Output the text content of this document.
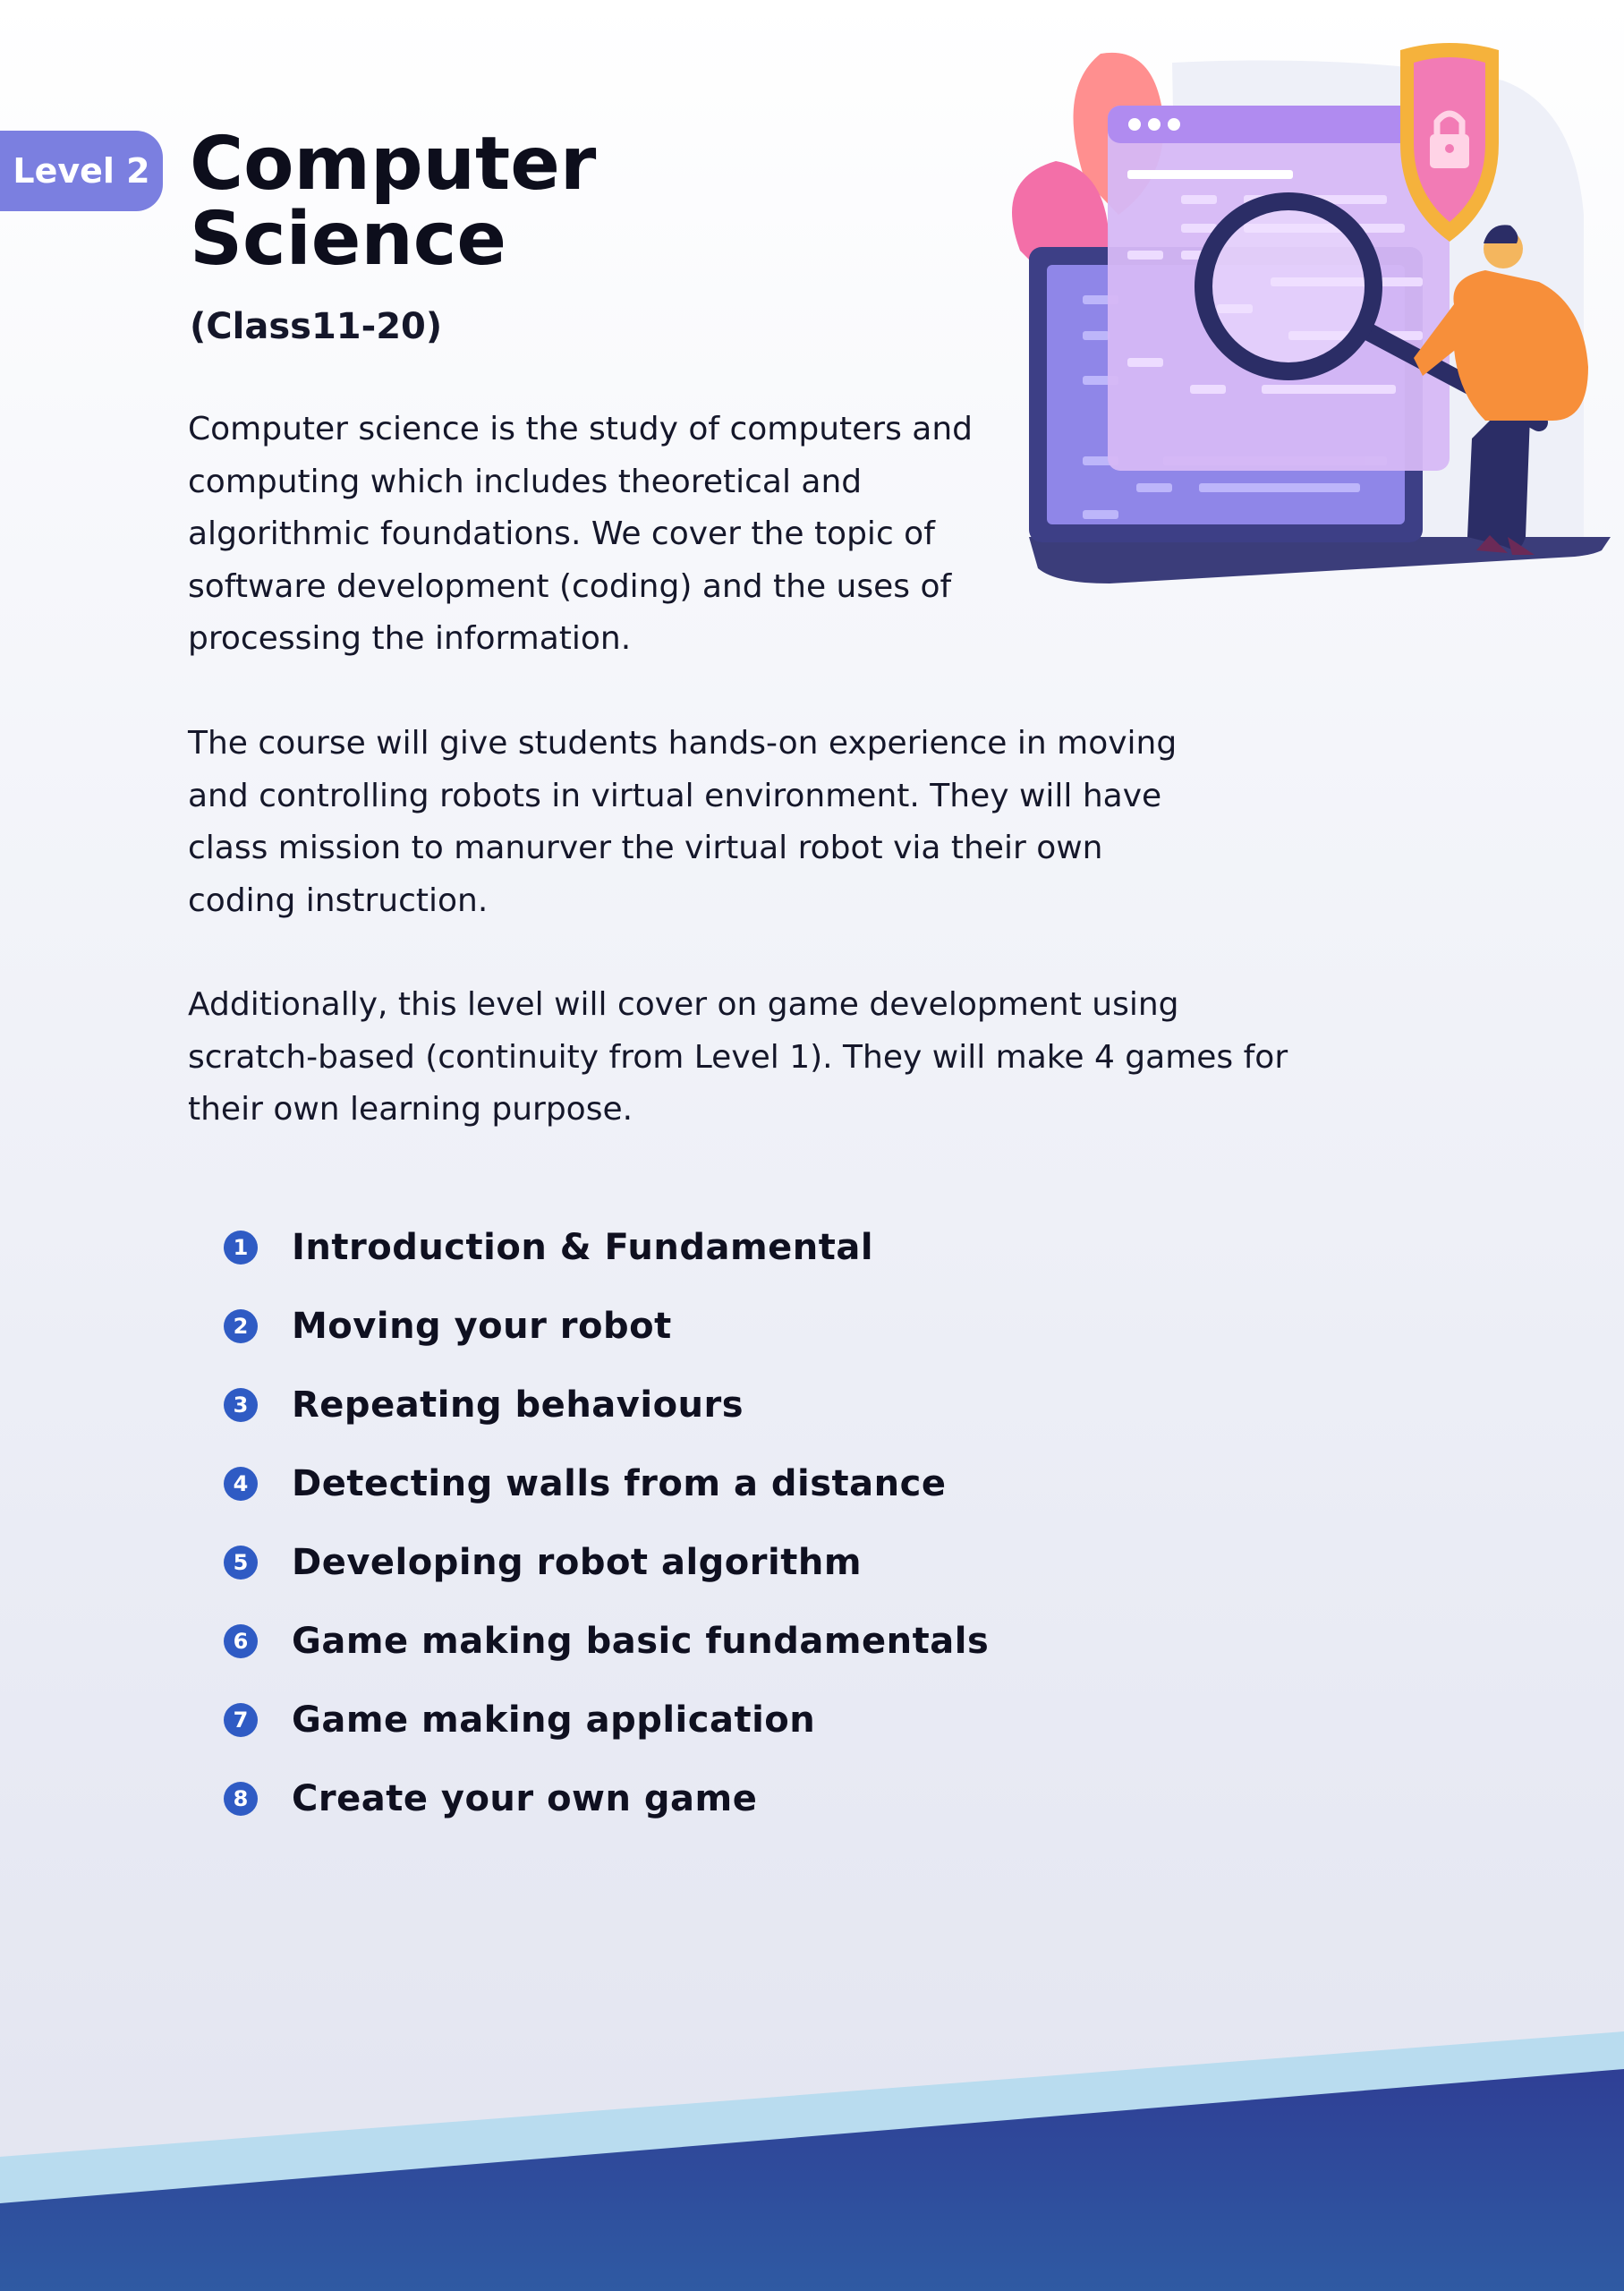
Level 2 Computer Science
(Class11-20)

Computer science is the study of computers and computing which includes theoretical and algorithmic foundations. We cover the topic of software development (coding) and the uses of processing the information.

The course will give students hands-on experience in moving and controlling robots in virtual environment. They will have class mission to manurver the virtual robot via their own coding instruction.

Additionally, this level will cover on game development using scratch-based (continuity from Level 1). They will make 4 games for their own learning purpose.

1 Introduction & Fundamental
2 Moving your robot
3 Repeating behaviours
4 Detecting walls from a distance
5 Developing robot algorithm
6 Game making basic fundamentals
7 Game making application
8 Create your own game
